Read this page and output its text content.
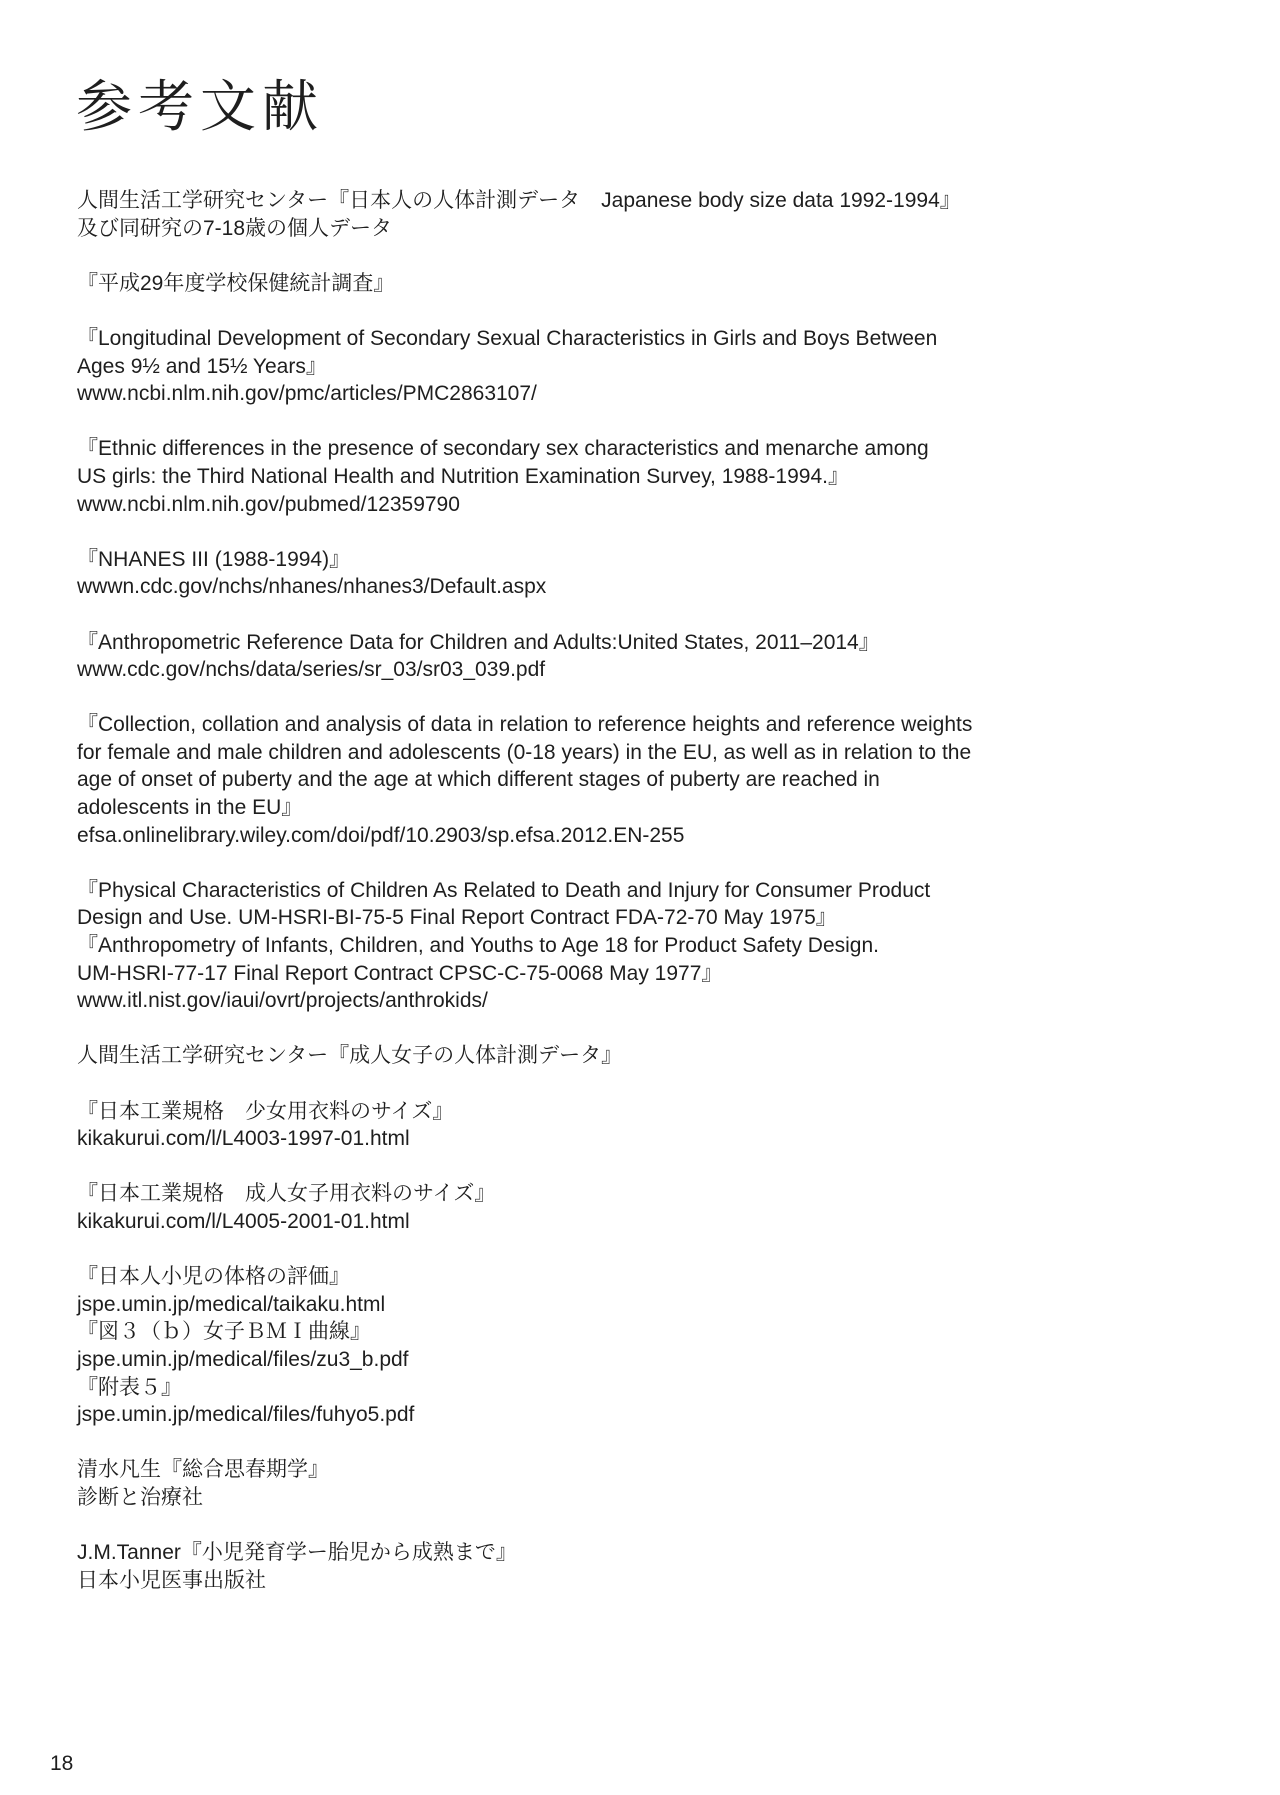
参考文献
人間生活工学研究センター『日本人の人体計測データ　Japanese body size data 1992-1994』
及び同研究の7-18歳の個人データ
『平成29年度学校保健統計調査』
『Longitudinal Development of Secondary Sexual Characteristics in Girls and Boys Between
Ages 9½ and 15½ Years』
www.ncbi.nlm.nih.gov/pmc/articles/PMC2863107/
『Ethnic differences in the presence of secondary sex characteristics and menarche among
US girls: the Third National Health and Nutrition Examination Survey, 1988-1994.』
www.ncbi.nlm.nih.gov/pubmed/12359790
『NHANES III (1988-1994)』
wwwn.cdc.gov/nchs/nhanes/nhanes3/Default.aspx
『Anthropometric Reference Data for Children and Adults:United States, 2011–2014』
www.cdc.gov/nchs/data/series/sr_03/sr03_039.pdf
『Collection, collation and analysis of data in relation to reference heights and reference weights
for female and male children and adolescents (0-18 years) in the EU, as well as in relation to the
age of onset of puberty and the age at which different stages of puberty are reached in
adolescents in the EU』
efsa.onlinelibrary.wiley.com/doi/pdf/10.2903/sp.efsa.2012.EN-255
『Physical Characteristics of Children As Related to Death and Injury for Consumer Product
Design and Use. UM-HSRI-BI-75-5 Final Report Contract FDA-72-70 May 1975』
『Anthropometry of Infants, Children, and Youths to Age 18 for Product Safety Design.
UM-HSRI-77-17 Final Report Contract CPSC-C-75-0068 May 1977』
www.itl.nist.gov/iaui/ovrt/projects/anthrokids/
人間生活工学研究センター『成人女子の人体計測データ』
『日本工業規格　少女用衣料のサイズ』
kikakurui.com/l/L4003-1997-01.html
『日本工業規格　成人女子用衣料のサイズ』
kikakurui.com/l/L4005-2001-01.html
『日本人小児の体格の評価』
jspe.umin.jp/medical/taikaku.html
『図３（ｂ）女子ＢＭＩ曲線』
jspe.umin.jp/medical/files/zu3_b.pdf
『附表５』
jspe.umin.jp/medical/files/fuhyo5.pdf
清水凡生『総合思春期学』
診断と治療社
J.M.Tanner『小児発育学ー胎児から成熟まで』
日本小児医事出版社
18
